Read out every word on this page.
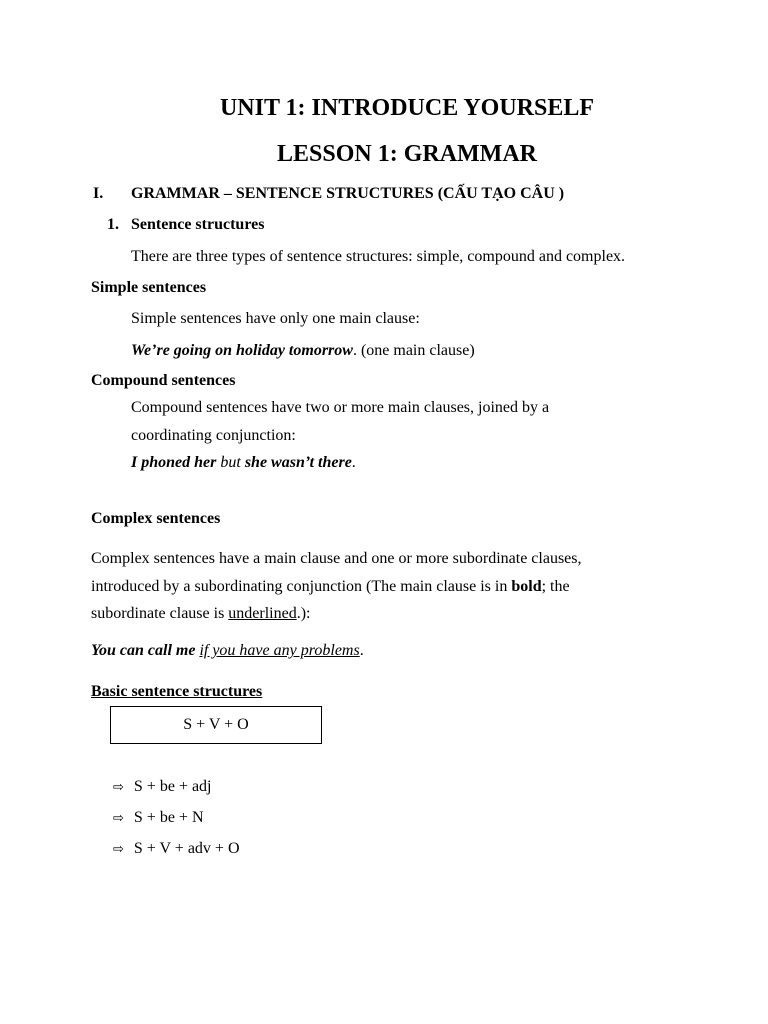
UNIT 1: INTRODUCE YOURSELF
LESSON 1: GRAMMAR
I. GRAMMAR – SENTENCE STRUCTURES (CẤU TẠO CÂU )
1. Sentence structures
There are three types of sentence structures: simple, compound and complex.
Simple sentences
Simple sentences have only one main clause:
We’re going on holiday tomorrow. (one main clause)
Compound sentences
Compound sentences have two or more main clauses, joined by a
coordinating conjunction:
I phoned her but she wasn’t there.
Complex sentences
Complex sentences have a main clause and one or more subordinate clauses,
introduced by a subordinating conjunction (The main clause is in bold; the
subordinate clause is underlined.):
You can call me if you have any problems.
Basic sentence structures
S + V + O
⇨ S + be + adj
⇨ S + be + N
⇨ S + V + adv + O
